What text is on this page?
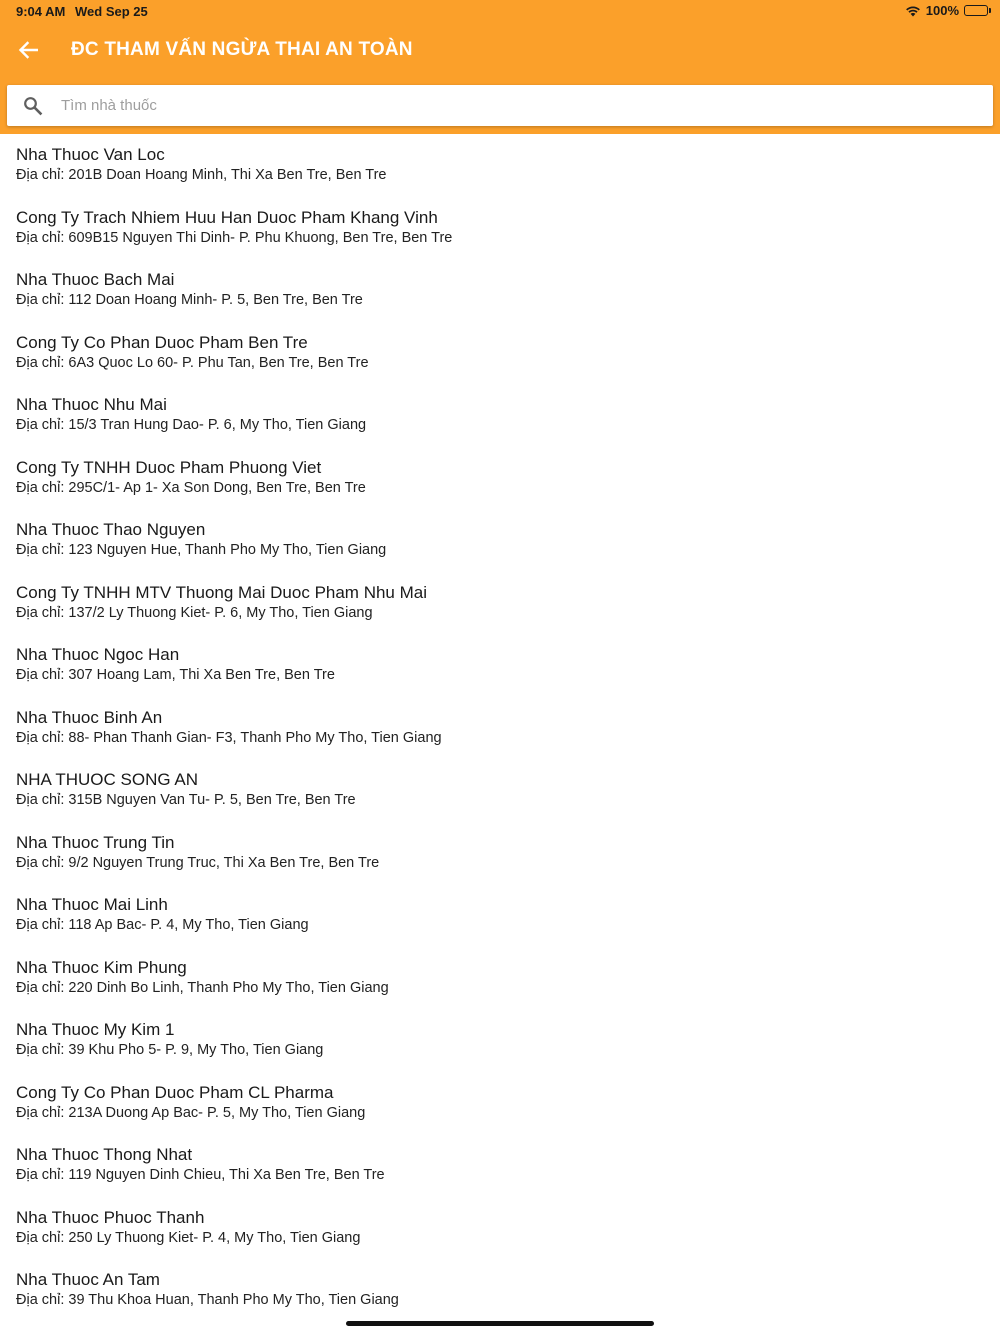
9:04 AM Wed Sep 25	100%
ĐC THAM VẤN NGỪA THAI AN TOÀN
Tìm nhà thuốc
Nha Thuoc Van Loc
Địa chỉ: 201B Doan Hoang Minh, Thi Xa Ben Tre, Ben Tre
Cong Ty Trach Nhiem Huu Han Duoc Pham Khang Vinh
Địa chỉ: 609B15 Nguyen Thi Dinh- P. Phu Khuong, Ben Tre, Ben Tre
Nha Thuoc Bach Mai
Địa chỉ: 112 Doan Hoang Minh- P. 5, Ben Tre, Ben Tre
Cong Ty Co Phan Duoc Pham Ben Tre
Địa chỉ: 6A3 Quoc Lo 60- P. Phu Tan, Ben Tre, Ben Tre
Nha Thuoc Nhu Mai
Địa chỉ: 15/3 Tran Hung Dao- P. 6, My Tho, Tien Giang
Cong Ty TNHH Duoc Pham Phuong Viet
Địa chỉ: 295C/1- Ap 1- Xa Son Dong, Ben Tre, Ben Tre
Nha Thuoc Thao Nguyen
Địa chỉ: 123 Nguyen Hue, Thanh Pho My Tho, Tien Giang
Cong Ty TNHH MTV Thuong Mai Duoc Pham Nhu Mai
Địa chỉ: 137/2 Ly Thuong Kiet- P. 6, My Tho, Tien Giang
Nha Thuoc Ngoc Han
Địa chỉ: 307 Hoang Lam, Thi Xa Ben Tre, Ben Tre
Nha Thuoc Binh An
Địa chỉ: 88- Phan Thanh Gian- F3, Thanh Pho My Tho, Tien Giang
NHA THUOC SONG AN
Địa chỉ: 315B Nguyen Van Tu- P. 5, Ben Tre, Ben Tre
Nha Thuoc Trung Tin
Địa chỉ: 9/2 Nguyen Trung Truc, Thi Xa Ben Tre, Ben Tre
Nha Thuoc Mai Linh
Địa chỉ: 118 Ap Bac- P. 4, My Tho, Tien Giang
Nha Thuoc Kim Phung
Địa chỉ: 220 Dinh Bo Linh, Thanh Pho My Tho, Tien Giang
Nha Thuoc My Kim 1
Địa chỉ: 39 Khu Pho 5- P. 9, My Tho, Tien Giang
Cong Ty Co Phan Duoc Pham CL Pharma
Địa chỉ: 213A Duong Ap Bac- P. 5, My Tho, Tien Giang
Nha Thuoc Thong Nhat
Địa chỉ: 119 Nguyen Dinh Chieu, Thi Xa Ben Tre, Ben Tre
Nha Thuoc Phuoc Thanh
Địa chỉ: 250 Ly Thuong Kiet- P. 4, My Tho, Tien Giang
Nha Thuoc An Tam
Địa chỉ: 39 Thu Khoa Huan, Thanh Pho My Tho, Tien Giang
